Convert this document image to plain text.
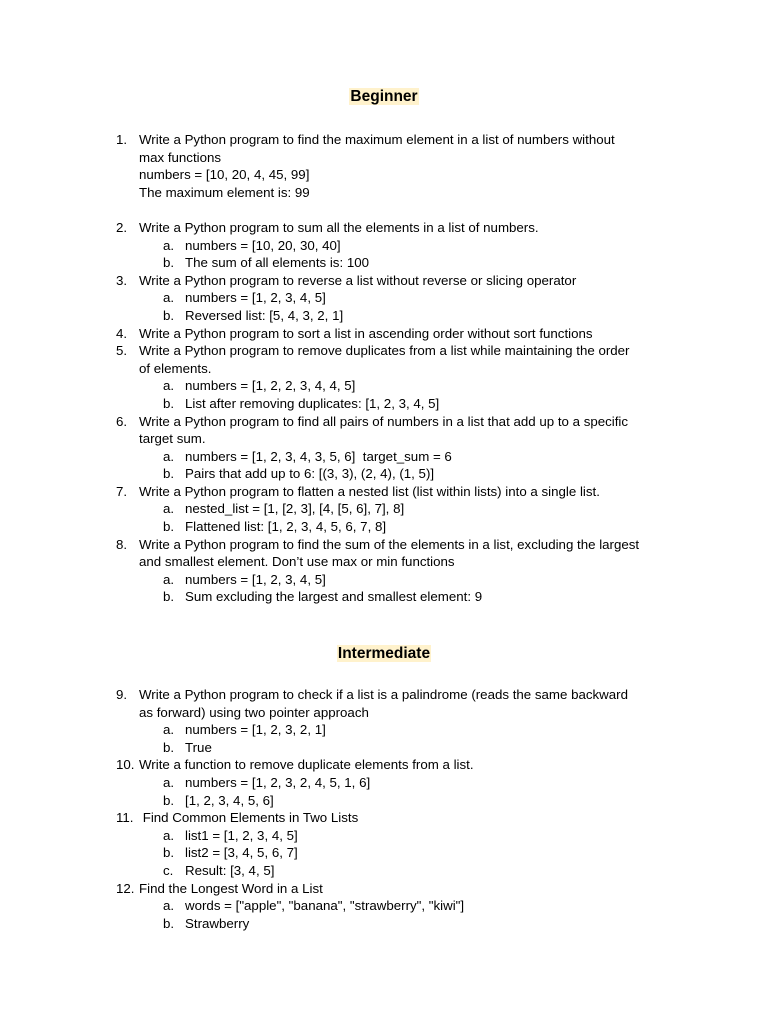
Beginner
1. Write a Python program to find the maximum element in a list of numbers without
max functions
numbers = [10, 20, 4, 45, 99]
The maximum element is: 99
2. Write a Python program to sum all the elements in a list of numbers.
a. numbers = [10, 20, 30, 40]
b. The sum of all elements is: 100
3. Write a Python program to reverse a list without reverse or slicing operator
a. numbers = [1, 2, 3, 4, 5]
b. Reversed list: [5, 4, 3, 2, 1]
4. Write a Python program to sort a list in ascending order without sort functions
5. Write a Python program to remove duplicates from a list while maintaining the order
of elements.
a. numbers = [1, 2, 2, 3, 4, 4, 5]
b. List after removing duplicates: [1, 2, 3, 4, 5]
6. Write a Python program to find all pairs of numbers in a list that add up to a specific
target sum.
a. numbers = [1, 2, 3, 4, 3, 5, 6]  target_sum = 6
b. Pairs that add up to 6: [(3, 3), (2, 4), (1, 5)]
7. Write a Python program to flatten a nested list (list within lists) into a single list.
a. nested_list = [1, [2, 3], [4, [5, 6], 7], 8]
b. Flattened list: [1, 2, 3, 4, 5, 6, 7, 8]
8. Write a Python program to find the sum of the elements in a list, excluding the largest
and smallest element. Don’t use max or min functions
a. numbers = [1, 2, 3, 4, 5]
b. Sum excluding the largest and smallest element: 9
Intermediate
9. Write a Python program to check if a list is a palindrome (reads the same backward
as forward) using two pointer approach
a. numbers = [1, 2, 3, 2, 1]
b. True
10. Write a function to remove duplicate elements from a list.
a. numbers = [1, 2, 3, 2, 4, 5, 1, 6]
b. [1, 2, 3, 4, 5, 6]
11. Find Common Elements in Two Lists
a. list1 = [1, 2, 3, 4, 5]
b. list2 = [3, 4, 5, 6, 7]
c. Result: [3, 4, 5]
12. Find the Longest Word in a List
a. words = ["apple", "banana", "strawberry", "kiwi"]
b. Strawberry
